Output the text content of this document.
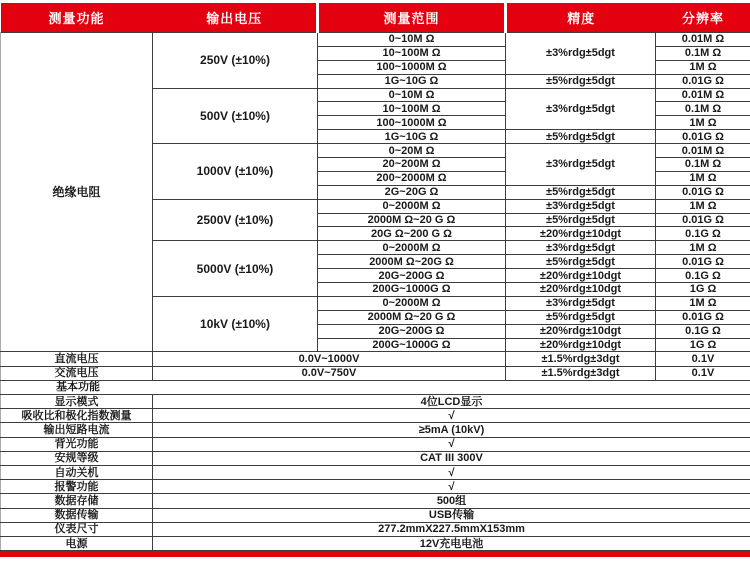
测量功能	输出电压	测量范围	精度	分辨率
绝缘电阻	250V (±10%)	0~10M Ω	±3%rdg±5dgt	0.01M Ω
		10~100M Ω		0.1M Ω
		100~1000M Ω		1M Ω
		1G~10G Ω	±5%rdg±5dgt	0.01G Ω
	500V (±10%)	0~10M Ω	±3%rdg±5dgt	0.01M Ω
		10~100M Ω		0.1M Ω
		100~1000M Ω		1M Ω
		1G~10G Ω	±5%rdg±5dgt	0.01G Ω
	1000V (±10%)	0~20M Ω	±3%rdg±5dgt	0.01M Ω
		20~200M Ω		0.1M Ω
		200~2000M Ω		1M Ω
		2G~20G Ω	±5%rdg±5dgt	0.01G Ω
	2500V (±10%)	0~2000M Ω	±3%rdg±5dgt	1M Ω
		2000M Ω~20 G Ω	±5%rdg±5dgt	0.01G Ω
		20G Ω~200 G Ω	±20%rdg±10dgt	0.1G Ω
	5000V (±10%)	0~2000M Ω	±3%rdg±5dgt	1M Ω
		2000M Ω~20G Ω	±5%rdg±5dgt	0.01G Ω
		20G~200G Ω	±20%rdg±10dgt	0.1G Ω
		200G~1000G Ω	±20%rdg±10dgt	1G Ω
	10kV (±10%)	0~2000M Ω	±3%rdg±5dgt	1M Ω
		2000M Ω~20 G Ω	±5%rdg±5dgt	0.01G Ω
		20G~200G Ω	±20%rdg±10dgt	0.1G Ω
		200G~1000G Ω	±20%rdg±10dgt	1G Ω
直流电压	0.0V~1000V		±1.5%rdg±3dgt	0.1V
交流电压	0.0V~750V		±1.5%rdg±3dgt	0.1V
基本功能				
显示模式	4位LCD显示			
吸收比和极化指数测量	√			
输出短路电流	≥5mA (10kV)			
背光功能	√			
安规等级	CAT III 300V			
自动关机	√			
报警功能	√			
数据存储	500组			
数据传输	USB传输			
仪表尺寸	277.2mmX227.5mmX153mm			
电源	12V充电电池			
